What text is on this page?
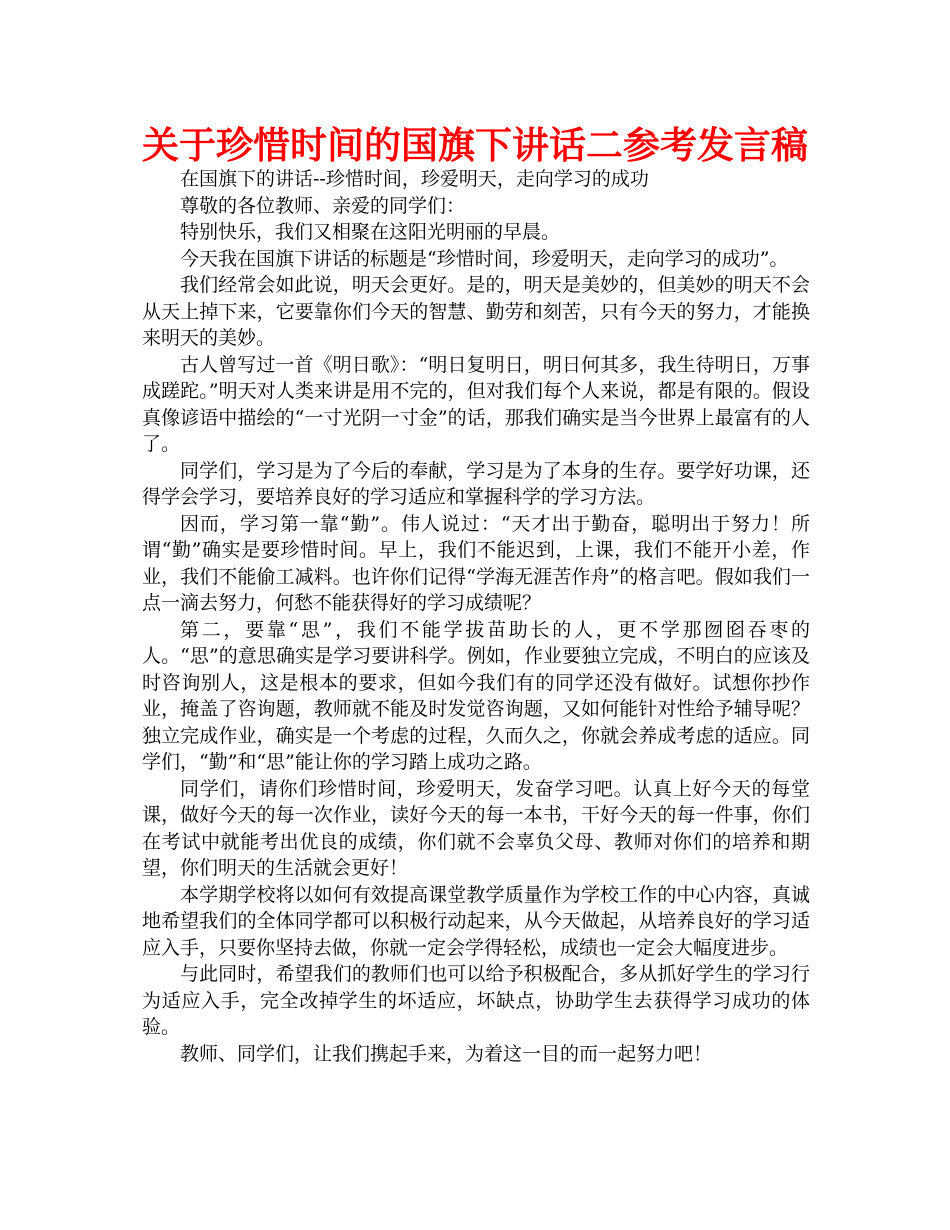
关于珍惜时间的国旗下讲话二参考发言稿

在国旗下的讲话--珍惜时间，珍爱明天，走向学习的成功

尊敬的各位教师、亲爱的同学们：

特别快乐，我们又相聚在这阳光明丽的早晨。

今天我在国旗下讲话的标题是“珍惜时间，珍爱明天，走向学习的成功”。

我们经常会如此说，明天会更好。是的，明天是美妙的，但美妙的明天不会从天上掉下来，它要靠你们今天的智慧、勤劳和刻苦，只有今天的努力，才能换来明天的美妙。

古人曾写过一首《明日歌》：“明日复明日，明日何其多，我生待明日，万事成蹉跎。”明天对人类来讲是用不完的，但对我们每个人来说，都是有限的。假设真像谚语中描绘的“一寸光阴一寸金”的话，那我们确实是当今世界上最富有的人了。

同学们，学习是为了今后的奉献，学习是为了本身的生存。要学好功课，还得学会学习，要培养良好的学习适应和掌握科学的学习方法。

因而，学习第一靠“勤”。伟人说过：“天才出于勤奋，聪明出于努力！所谓“勤”确实是要珍惜时间。早上，我们不能迟到，上课，我们不能开小差，作业，我们不能偷工减料。也许你们记得“学海无涯苦作舟”的格言吧。假如我们一点一滴去努力，何愁不能获得好的学习成绩呢？

第二，要靠“思”，我们不能学拔苗助长的人，更不学那囫囵吞枣的人。“思”的意思确实是学习要讲科学。例如，作业要独立完成，不明白的应该及时咨询别人，这是根本的要求，但如今我们有的同学还没有做好。试想你抄作业，掩盖了咨询题，教师就不能及时发觉咨询题，又如何能针对性给予辅导呢？独立完成作业，确实是一个考虑的过程，久而久之，你就会养成考虑的适应。同学们，“勤”和“思”能让你的学习踏上成功之路。

同学们，请你们珍惜时间，珍爱明天，发奋学习吧。认真上好今天的每堂课，做好今天的每一次作业，读好今天的每一本书，干好今天的每一件事，你们在考试中就能考出优良的成绩，你们就不会辜负父母、教师对你们的培养和期望，你们明天的生活就会更好！

本学期学校将以如何有效提高课堂教学质量作为学校工作的中心内容，真诚地希望我们的全体同学都可以积极行动起来，从今天做起，从培养良好的学习适应入手，只要你坚持去做，你就一定会学得轻松，成绩也一定会大幅度进步。

与此同时，希望我们的教师们也可以给予积极配合，多从抓好学生的学习行为适应入手，完全改掉学生的坏适应，坏缺点，协助学生去获得学习成功的体验。

教师、同学们，让我们携起手来，为着这一目的而一起努力吧！
